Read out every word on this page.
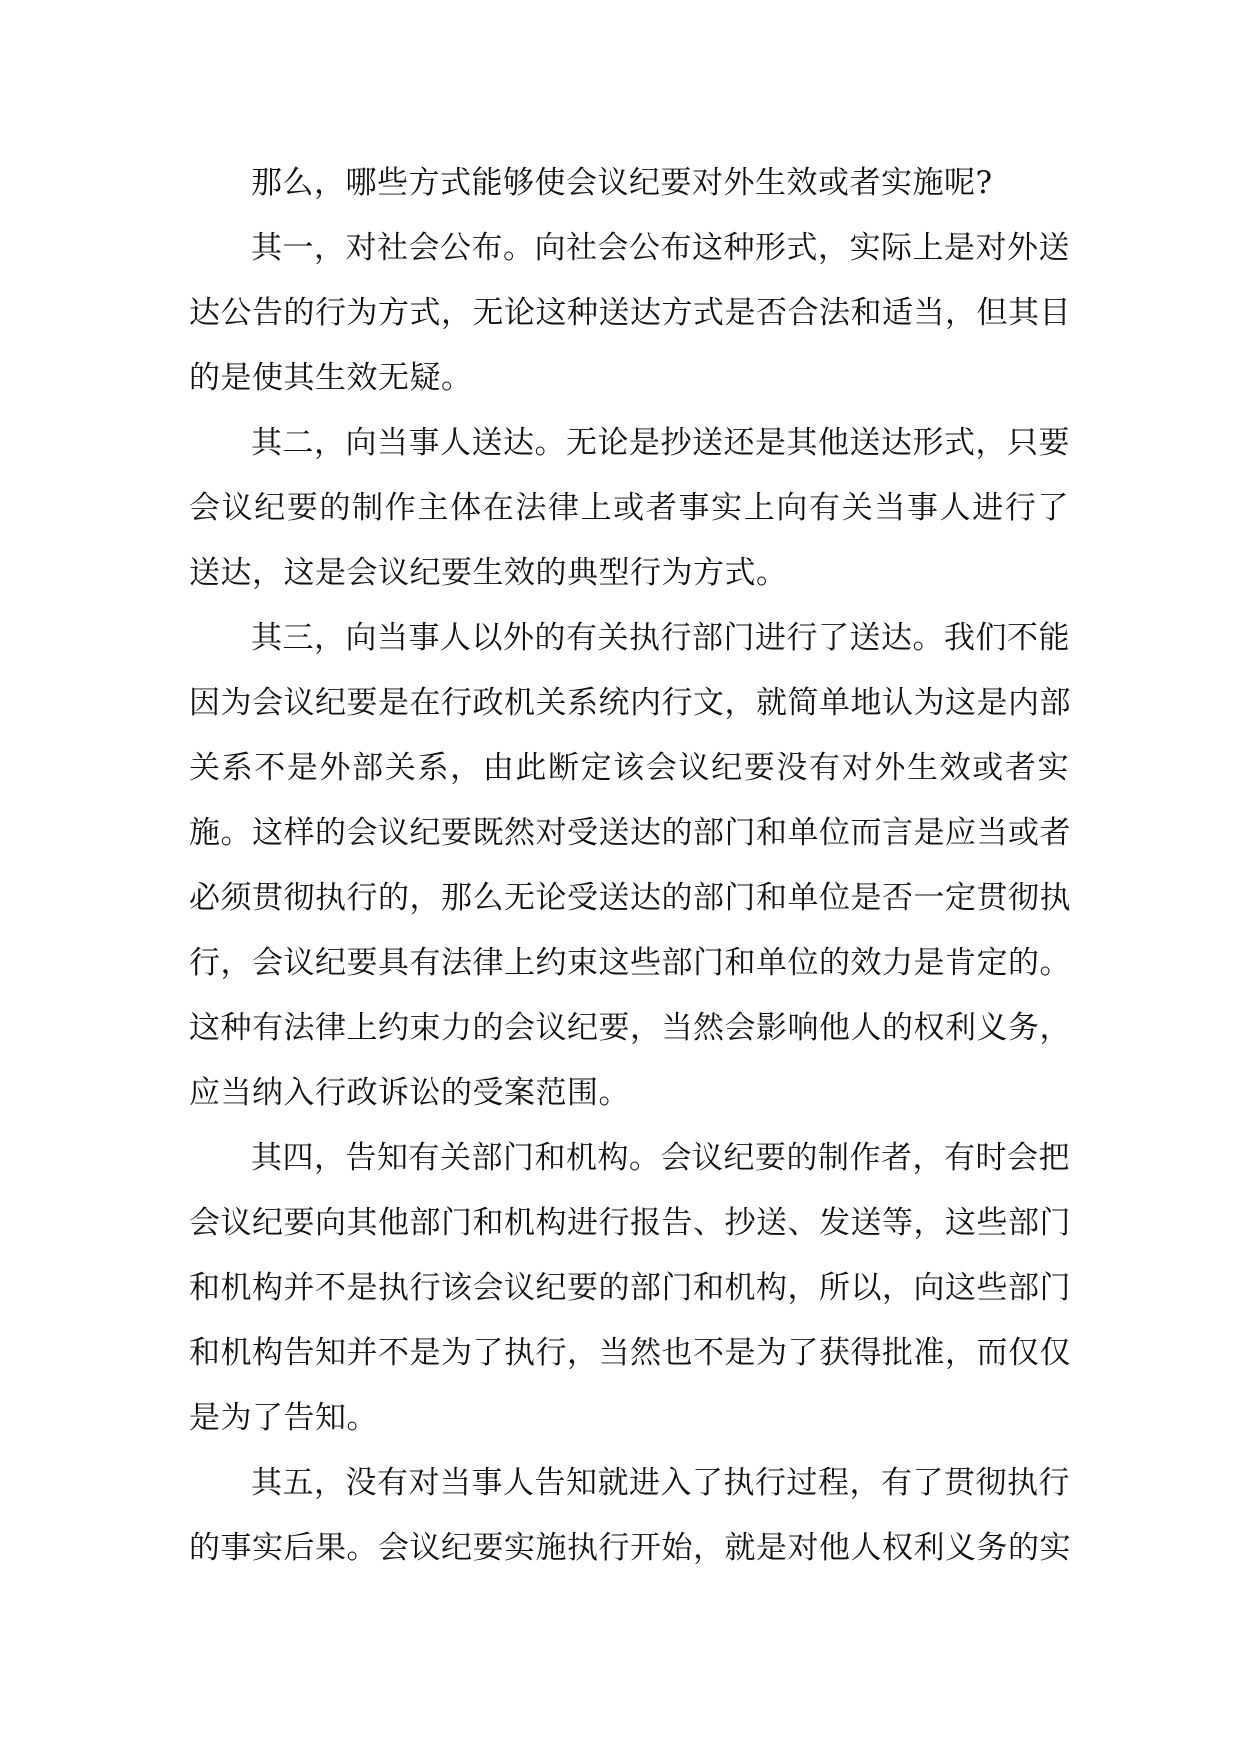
那么，哪些方式能够使会议纪要对外生效或者实施呢?
其一，对社会公布。向社会公布这种形式，实际上是对外送
达公告的行为方式，无论这种送达方式是否合法和适当，但其目
的是使其生效无疑。
其二，向当事人送达。无论是抄送还是其他送达形式，只要
会议纪要的制作主体在法律上或者事实上向有关当事人进行了
送达，这是会议纪要生效的典型行为方式。
其三，向当事人以外的有关执行部门进行了送达。我们不能
因为会议纪要是在行政机关系统内行文，就简单地认为这是内部
关系不是外部关系，由此断定该会议纪要没有对外生效或者实
施。这样的会议纪要既然对受送达的部门和单位而言是应当或者
必须贯彻执行的，那么无论受送达的部门和单位是否一定贯彻执
行，会议纪要具有法律上约束这些部门和单位的效力是肯定的。
这种有法律上约束力的会议纪要，当然会影响他人的权利义务，
应当纳入行政诉讼的受案范围。
其四，告知有关部门和机构。会议纪要的制作者，有时会把
会议纪要向其他部门和机构进行报告、抄送、发送等，这些部门
和机构并不是执行该会议纪要的部门和机构，所以，向这些部门
和机构告知并不是为了执行，当然也不是为了获得批准，而仅仅
是为了告知。
其五，没有对当事人告知就进入了执行过程，有了贯彻执行
的事实后果。会议纪要实施执行开始，就是对他人权利义务的实
